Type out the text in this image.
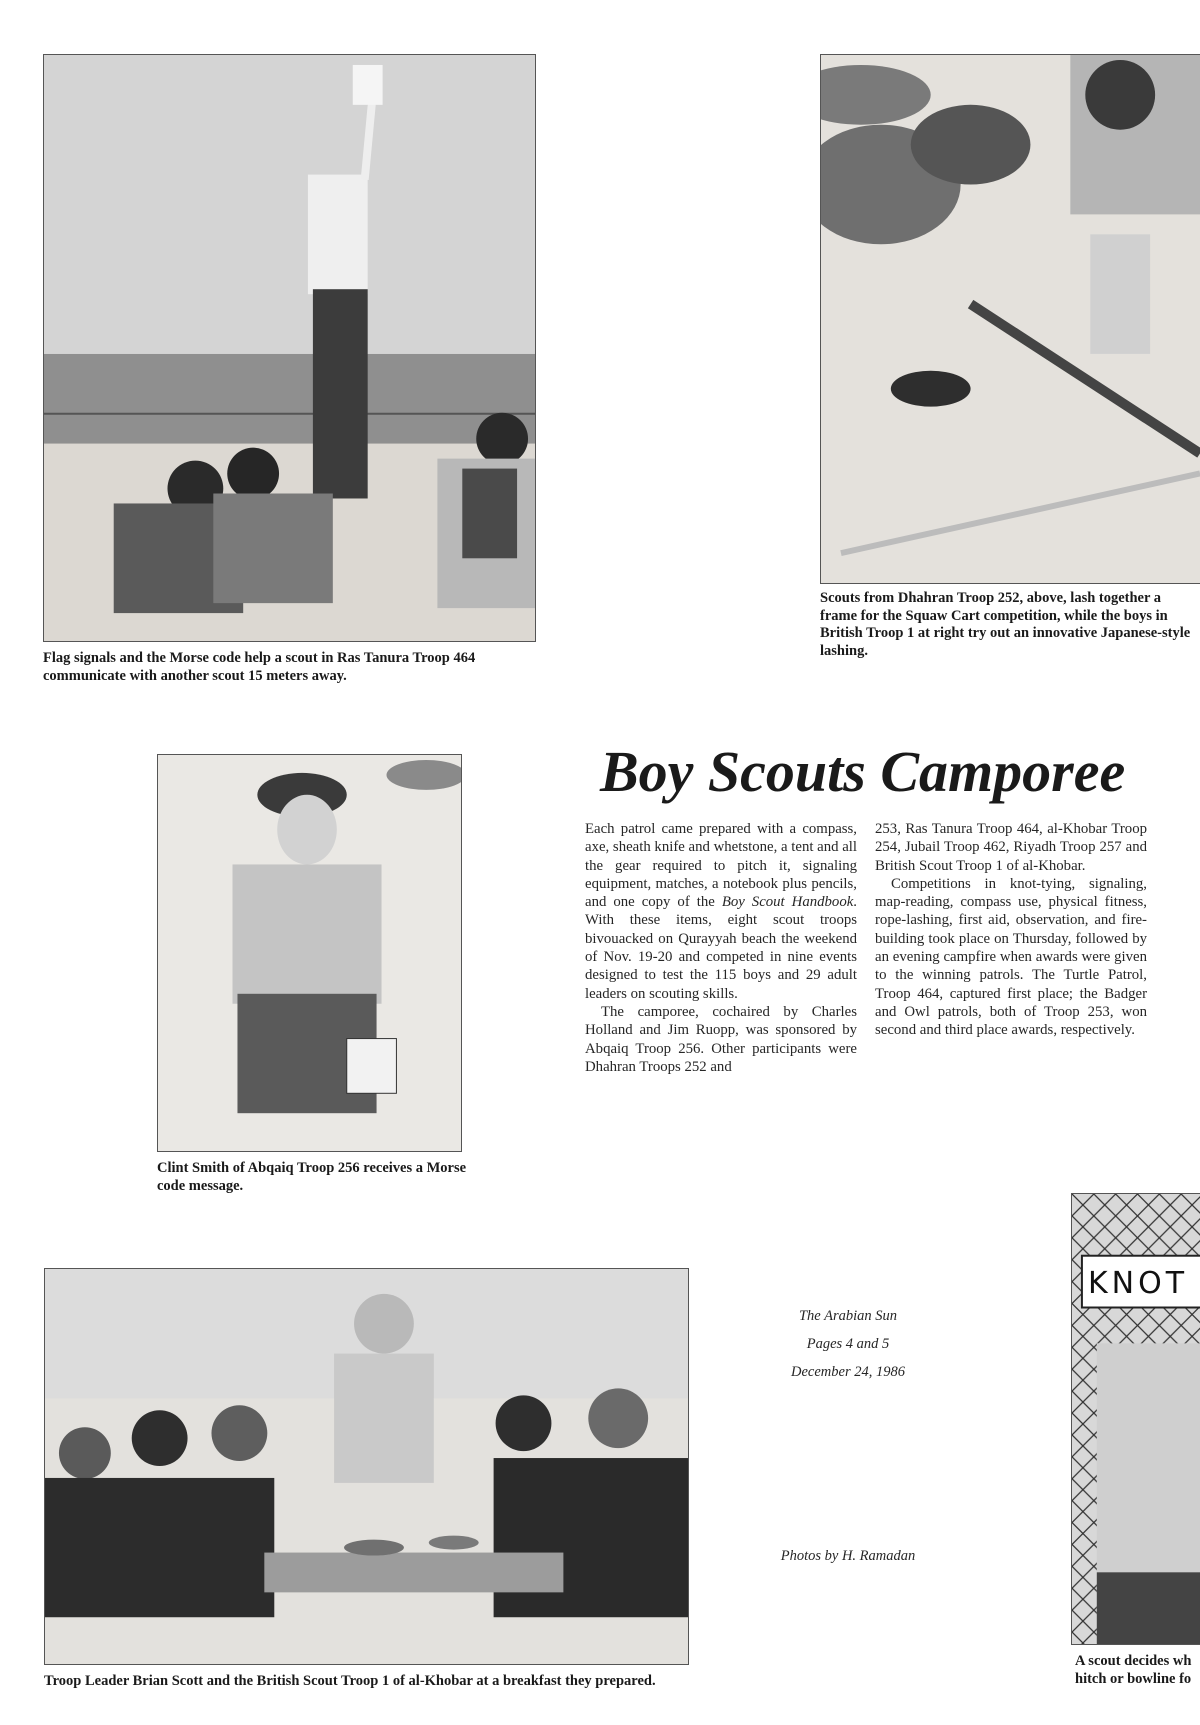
Flag signals and the Morse code help a scout in Ras Tanura Troop 464 communicate with another scout 15 meters away.

Scouts from Dhahran Troop 252, above, lash together a frame for the Squaw Cart competition, while the boys in British Troop 1 at right try out an innovative Japanese-style lashing.

Boy Scouts Camporee

Clint Smith of Abqaiq Troop 256 receives a Morse code message.

Each patrol came prepared with a compass, axe, sheath knife and whetstone, a tent and all the gear required to pitch it, signaling equipment, matches, a notebook plus pencils, and one copy of the Boy Scout Handbook. With these items, eight scout troops bivouacked on Qurayyah beach the weekend of Nov. 19-20 and competed in nine events designed to test the 115 boys and 29 adult leaders on scouting skills.

The camporee, cochaired by Charles Holland and Jim Ruopp, was sponsored by Abqaiq Troop 256. Other participants were Dhahran Troops 252 and

253, Ras Tanura Troop 464, al-Khobar Troop 254, Jubail Troop 462, Riyadh Troop 257 and British Scout Troop 1 of al-Khobar.

Competitions in knot-tying, signaling, map-reading, compass use, physical fitness, rope-lashing, first aid, observation, and fire-building took place on Thursday, followed by an evening campfire when awards were given to the winning patrols. The Turtle Patrol, Troop 464, captured first place; the Badger and Owl patrols, both of Troop 253, won second and third place awards, respectively.

Troop Leader Brian Scott and the British Scout Troop 1 of al-Khobar at a breakfast they prepared.

The Arabian Sun
Pages 4 and 5
December 24, 1986
Photos by H. Ramadan
KNOT

A scout decides wh hitch or bowline fo
